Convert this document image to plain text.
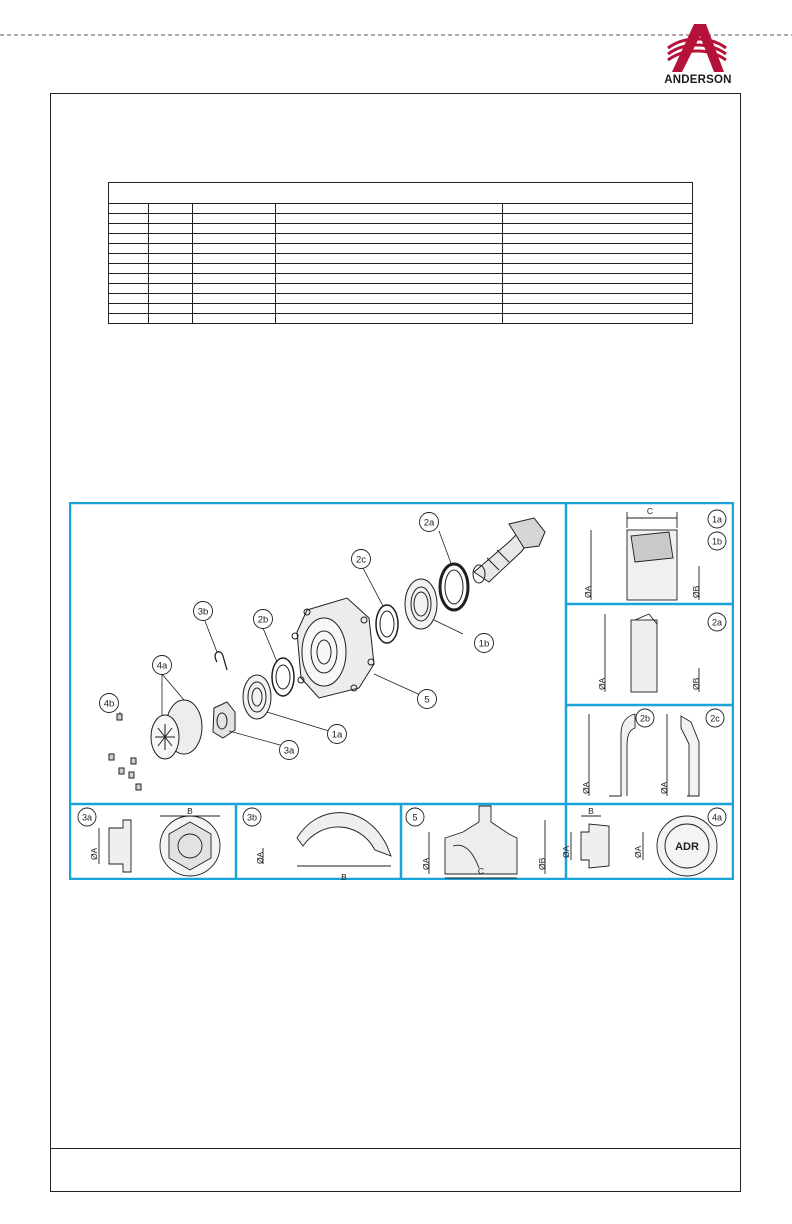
ANDERSON

2a
2c
1b
3b
2b
4a
5
4b
1a
3a
C
ØA	ØB
1a
1b
ØA	ØB
2a
ØA	ØA
2b	2c
B
ØA
3a
B
ØA
3b
ØA	ØB
C
5
B
ØA	ØA	ADR
4a
